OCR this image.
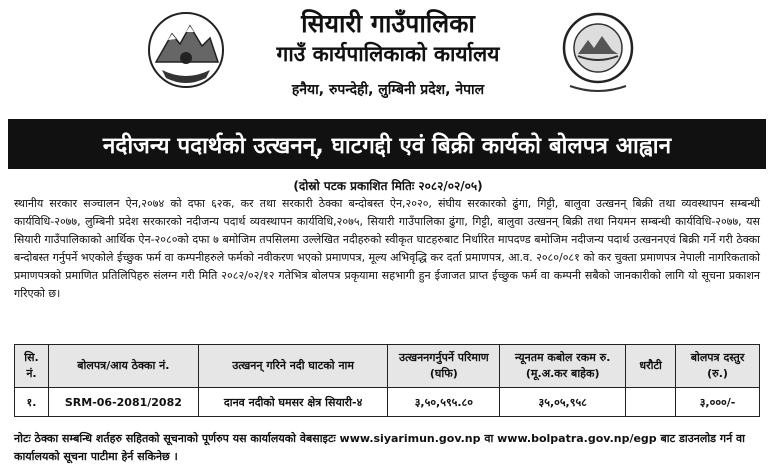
सियारी गाउँपालिका
गाउँ कार्यपालिकाको कार्यालय
हनैया, रुपन्देही, लुम्बिनी प्रदेश, नेपाल
नदीजन्य पदार्थको उत्खनन्, घाटगद्दी एवं बिक्री कार्यको बोलपत्र आह्वान
(दोस्रो पटक प्रकाशित मितिः २०८२/०२/०५)

स्थानीय सरकार सञ्चालन ऐन,२०७४ को दफा ६२क, कर तथा सरकारी ठेक्का बन्दोबस्त ऐन,२०२०, संघीय सरकारको ढुंगा, गिट्टी, बालुवा उत्खनन् बिक्री तथा व्यवस्थापन सम्बन्धी कार्यविधि-२०७७, लुम्बिनी प्रदेश सरकारको नदीजन्य पदार्थ व्यवस्थापन कार्यविधि,२०७५, सियारी गाउँपालिका ढुंगा, गिट्टी, बालुवा उत्खनन् बिक्री तथा नियमन सम्बन्धी कार्यविधि-२०७७, यस सियारी गाउँपालिकाको आर्थिक ऐन-२०८०को दफा ७ बमोजिम तपसिलमा उल्लेखित नदीहरुको स्वीकृत घाटहरुबाट निर्धारित मापदण्ड बमोजिम नदीजन्य पदार्थ उत्खननएवं बिक्री गर्ने गरी ठेक्का बन्दोबस्त गर्नुपर्ने भएकोले ईच्छुक फर्म वा कम्पनीहरुले फर्मको नवीकरण भएको प्रमाणपत्र, मूल्य अभिवृद्धि कर दर्ता प्रमाणपत्र, आ.व. २०८०/०८१ को कर चुक्ता प्रमाणपत्र नेपाली नागरिकताको प्रमाणपत्रको प्रमाणित प्रतिलिपिहरु संलग्न गरी मिति २०८२/०२/१२ गतेभित्र बोलपत्र प्रकृयामा सहभागी हुन ईजाजत प्राप्त ईच्छुक फर्म वा कम्पनी सबैको जानकारीको लागि यो सूचना प्रकाशन गरिएको छ।

सि. नं.	बोलपत्र/आय ठेक्का नं.	उत्खनन् गरिने नदी घाटको नाम	उत्खननगर्नुपर्ने परिमाण (घफि)	न्यूनतम कबोल रकम रु. (मू.अ.कर बाहेक)	धरौटी	बोलपत्र दस्तुर (रु.)
१.	SRM-06-2081/2082	दानव नदीको घमसर क्षेत्र सियारी-४	३,५०,५९५.८०	३५,०५,९५८		३,०००/-

नोटः ठेक्का सम्बन्धि शर्तहरु सहितको सूचनाको पूर्णरुप यस कार्यालयको वेबसाइटः www.siyarimun.gov.np वा www.bolpatra.gov.np/egp बाट डाउनलोड गर्न वा कार्यालयको सूचना पाटीमा हेर्न सकिनेछ ।
